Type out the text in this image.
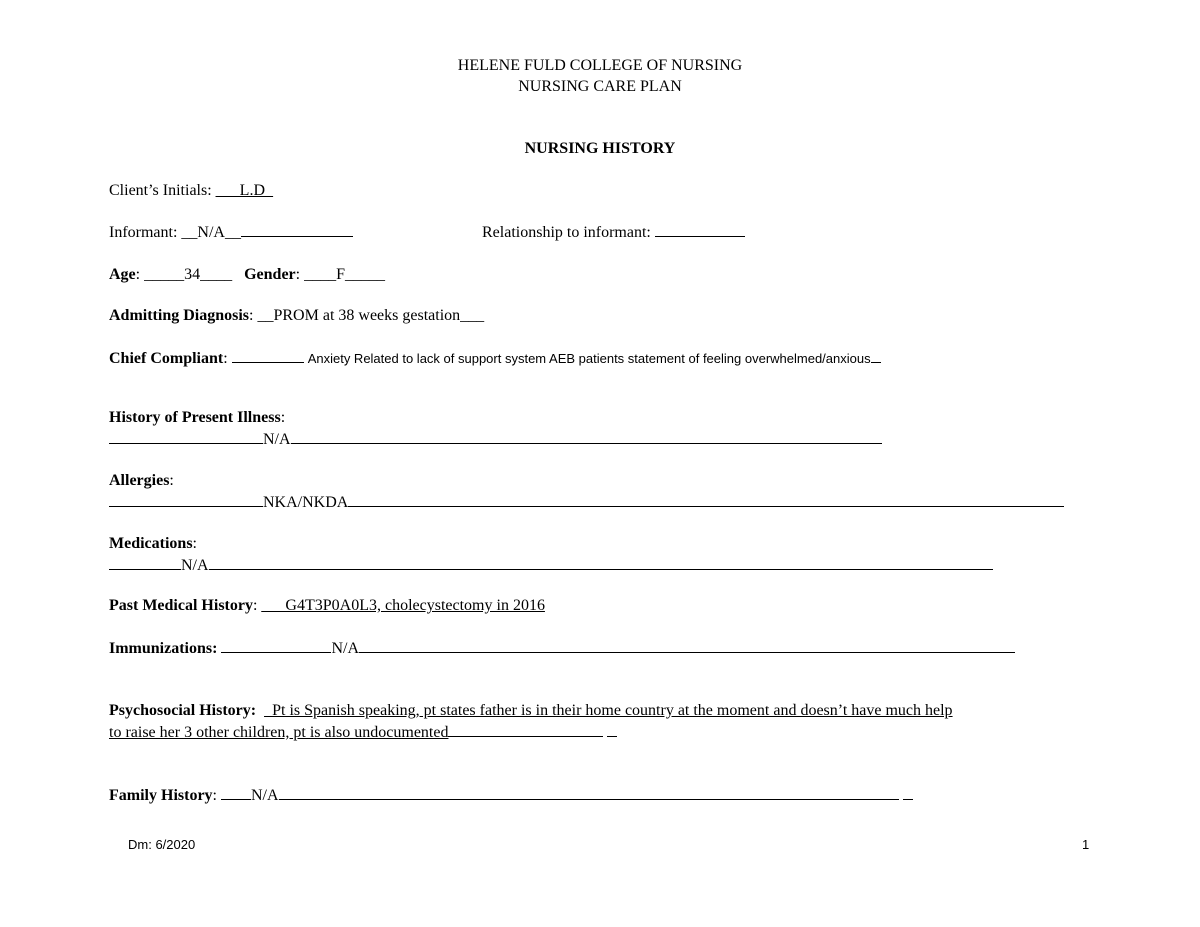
HELENE FULD COLLEGE OF NURSING
NURSING CARE PLAN
NURSING HISTORY
Client’s Initials: ___L.D_
Informant: __N/A__	Relationship to informant:
Age: _____34____ Gender: ____F_____
Admitting Diagnosis: __PROM at 38 weeks gestation___
Chief Compliant:	Anxiety Related to lack of support system AEB patients statement of feeling overwhelmed/anxious
History of Present Illness:
N/A
Allergies:
NKA/NKDA
Medications:
N/A
Past Medical History: ___G4T3P0A0L3, cholecystectomy in 2016
Immunizations:	N/A
Psychosocial History: _Pt is Spanish speaking, pt states father is in their home country at the moment and doesn’t have much help
to raise her 3 other children, pt is also undocumented
Family History: N/A
Dm: 6/2020	1
